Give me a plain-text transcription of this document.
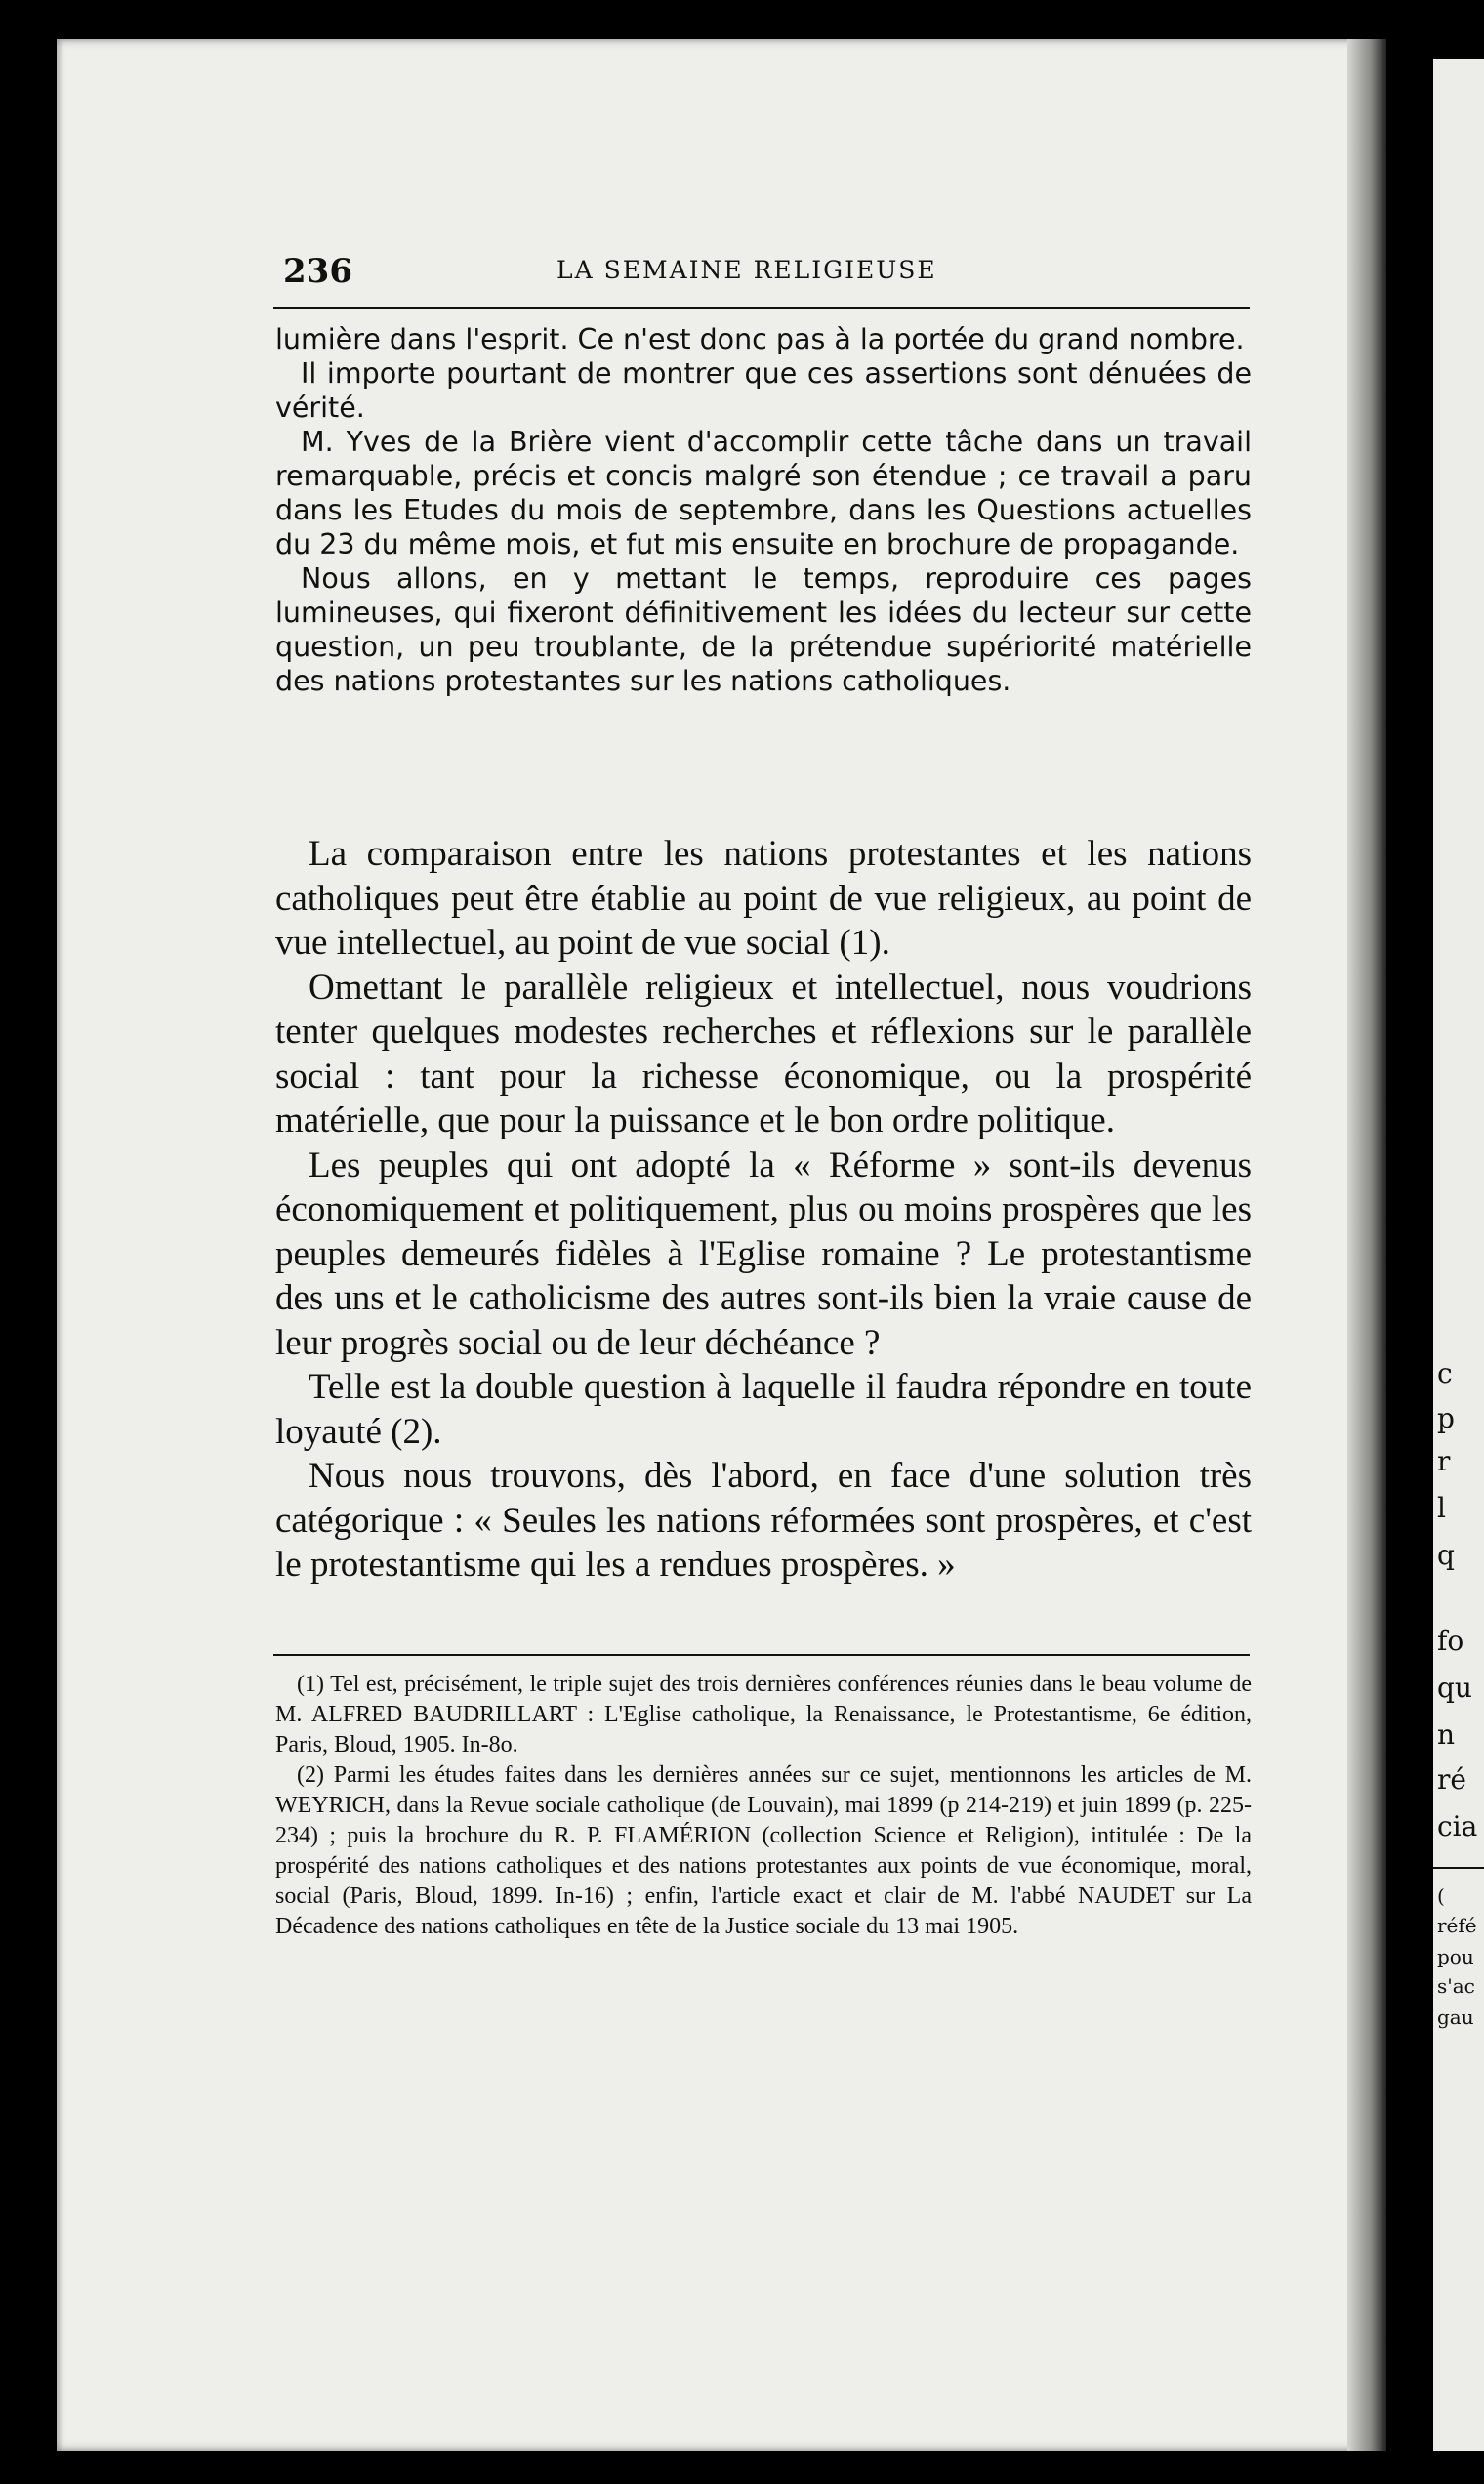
c
p
r
l
q
fo
qu
n
ré
cia
(
réfé
pou
s'ac
gau
236	LA SEMAINE RELIGIEUSE

lumière dans l'esprit. Ce n'est donc pas à la portée du grand nombre.

Il importe pourtant de montrer que ces assertions sont dénuées de vérité.

M. Yves de la Brière vient d'accomplir cette tâche dans un travail remarquable, précis et concis malgré son étendue ; ce travail a paru dans les Etudes du mois de septembre, dans les Questions actuelles du 23 du même mois, et fut mis ensuite en brochure de propagande.

Nous allons, en y mettant le temps, reproduire ces pages lumineuses, qui fixeront définitivement les idées du lecteur sur cette question, un peu troublante, de la prétendue supériorité matérielle des nations protestantes sur les nations catholiques.

La comparaison entre les nations protestantes et les nations catholiques peut être établie au point de vue religieux, au point de vue intellectuel, au point de vue social (1).

Omettant le parallèle religieux et intellectuel, nous voudrions tenter quelques modestes recherches et réflexions sur le parallèle social : tant pour la richesse économique, ou la prospérité matérielle, que pour la puissance et le bon ordre politique.

Les peuples qui ont adopté la « Réforme » sont-ils devenus économiquement et politiquement, plus ou moins prospères que les peuples demeurés fidèles à l'Eglise romaine ? Le protestantisme des uns et le catholicisme des autres sont-ils bien la vraie cause de leur progrès social ou de leur déchéance ?

Telle est la double question à laquelle il faudra répondre en toute loyauté (2).

Nous nous trouvons, dès l'abord, en face d'une solution très catégorique : « Seules les nations réformées sont prospères, et c'est le protestantisme qui les a rendues prospères. »

(1) Tel est, précisément, le triple sujet des trois dernières conférences réunies dans le beau volume de M. ALFRED BAUDRILLART : L'Eglise catholique, la Renaissance, le Protestantisme, 6e édition, Paris, Bloud, 1905. In-8o.

(2) Parmi les études faites dans les dernières années sur ce sujet, mentionnons les articles de M. WEYRICH, dans la Revue sociale catholique (de Louvain), mai 1899 (p 214-219) et juin 1899 (p. 225-234) ; puis la brochure du R. P. FLAMÉRION (collection Science et Religion), intitulée : De la prospérité des nations catholiques et des nations protestantes aux points de vue économique, moral, social (Paris, Bloud, 1899. In-16) ; enfin, l'article exact et clair de M. l'abbé NAUDET sur La Décadence des nations catholiques en tête de la Justice sociale du 13 mai 1905.
